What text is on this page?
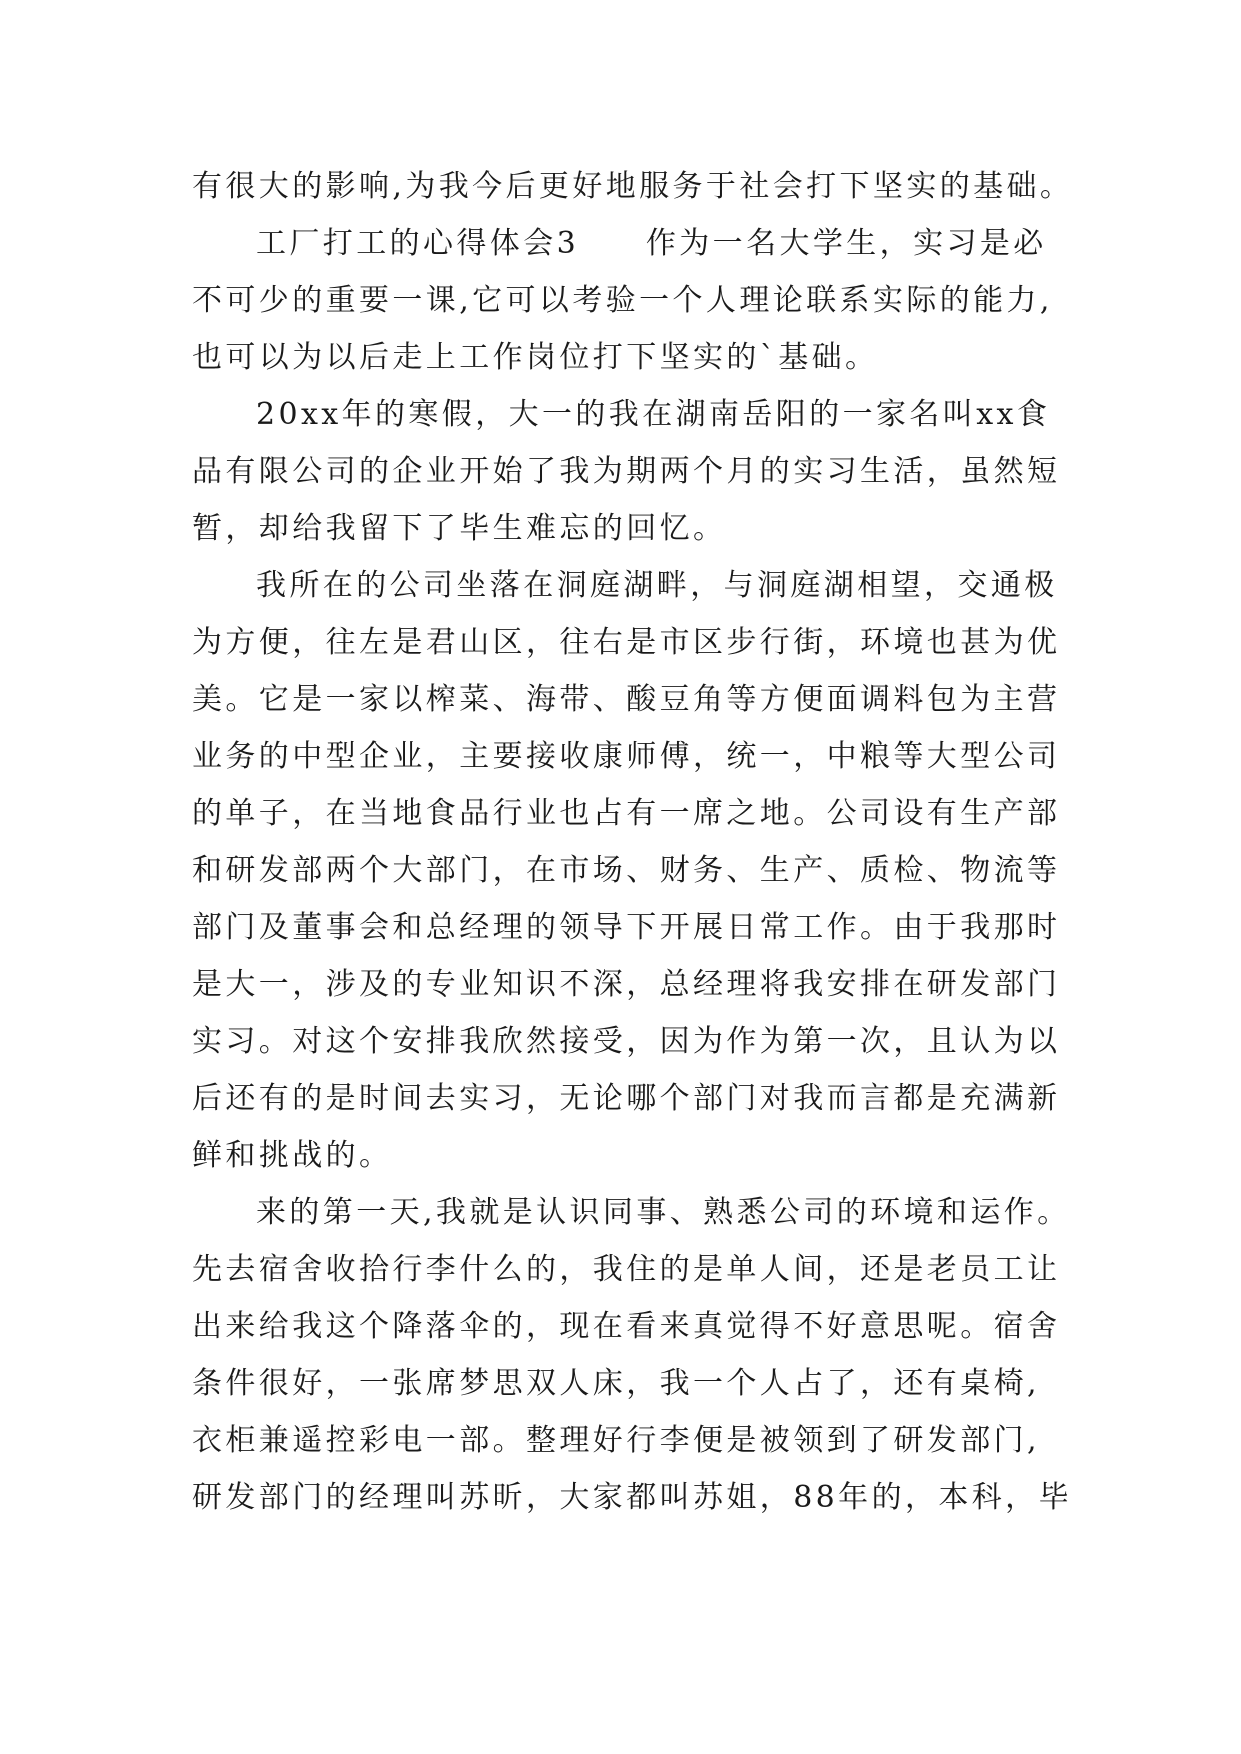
有很大的影响,为我今后更好地服务于社会打下坚实的基础。
工厂打工的心得体会3　　作为一名大学生，实习是必
不可少的重要一课,它可以考验一个人理论联系实际的能力,
也可以为以后走上工作岗位打下坚实的`基础。
20xx年的寒假，大一的我在湖南岳阳的一家名叫xx食
品有限公司的企业开始了我为期两个月的实习生活，虽然短
暂，却给我留下了毕生难忘的回忆。
我所在的公司坐落在洞庭湖畔，与洞庭湖相望，交通极
为方便，往左是君山区，往右是市区步行街，环境也甚为优
美。它是一家以榨菜、海带、酸豆角等方便面调料包为主营
业务的中型企业，主要接收康师傅，统一，中粮等大型公司
的单子，在当地食品行业也占有一席之地。公司设有生产部
和研发部两个大部门，在市场、财务、生产、质检、物流等
部门及董事会和总经理的领导下开展日常工作。由于我那时
是大一，涉及的专业知识不深，总经理将我安排在研发部门
实习。对这个安排我欣然接受，因为作为第一次，且认为以
后还有的是时间去实习，无论哪个部门对我而言都是充满新
鲜和挑战的。
来的第一天,我就是认识同事、熟悉公司的环境和运作。
先去宿舍收拾行李什么的，我住的是单人间，还是老员工让
出来给我这个降落伞的，现在看来真觉得不好意思呢。宿舍
条件很好，一张席梦思双人床，我一个人占了，还有桌椅,
衣柜兼遥控彩电一部。整理好行李便是被领到了研发部门,
研发部门的经理叫苏昕，大家都叫苏姐，88年的，本科，毕
